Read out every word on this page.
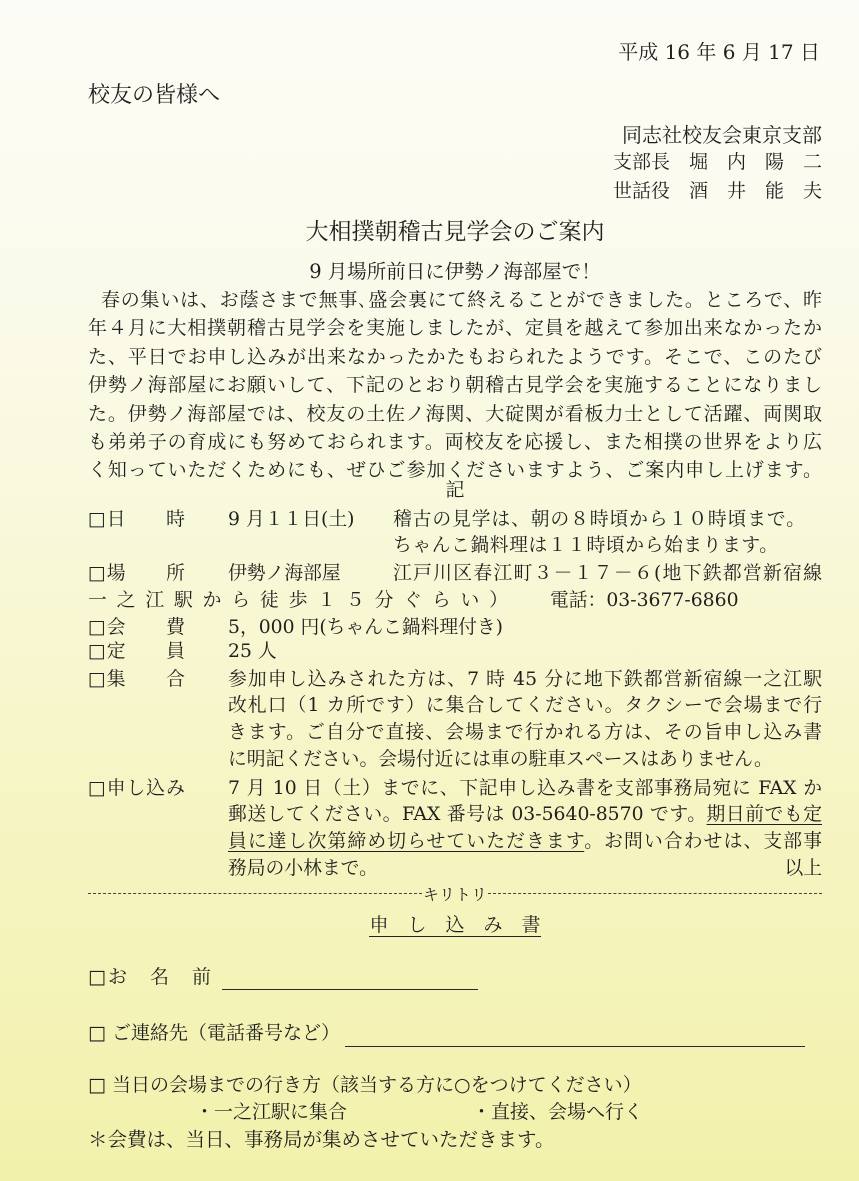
平成 16 年 6 月 17 日
校友の皆様へ
同志社校友会東京支部
支部長　堀　内　陽　二
世話役　酒　井　能　夫
大相撲朝稽古見学会のご案内
9 月場所前日に伊勢ノ海部屋で！
春の集いは、お蔭さまで無事､盛会裏にて終えることができました。ところで、昨
年４月に大相撲朝稽古見学会を実施しましたが、定員を越えて参加出来なかったか
た、平日でお申し込みが出来なかったかたもおられたようです。そこで、このたび
伊勢ノ海部屋にお願いして、下記のとおり朝稽古見学会を実施することになりまし
た。伊勢ノ海部屋では、校友の土佐ノ海関、大碇関が看板力士として活躍、両関取
も弟弟子の育成にも努めておられます。両校友を応援し、また相撲の世界をより広
く知っていただくためにも、ぜひご参加くださいますよう、ご案内申し上げます。
記
□日　　時 9 月１１日(土) 稽古の見学は、朝の８時頃から１０時頃まで。
ちゃんこ鍋料理は１１時頃から始まります。
□場　　所 伊勢ノ海部屋	江戸川区春江町３－１７－６(地下鉄都営新宿線
一之江駅から徒歩１５分ぐらい） 電話：03-3677-6860
□会　　費 5，000 円(ちゃんこ鍋料理付き)
□定　　員 25 人
□集　　合 参加申し込みされた方は、7 時 45 分に地下鉄都営新宿線一之江駅
改札口（1 カ所です）に集合してください。タクシーで会場まで行
きます。ご自分で直接、会場まで行かれる方は、その旨申し込み書
に明記ください。会場付近には車の駐車スペースはありません。
□申し込み 7 月 10 日（土）までに、下記申し込み書を支部事務局宛に FAX か
郵送してください。FAX 番号は 03-5640-8570 です。期日前でも定
員に達し次第締め切らせていただきます。お問い合わせは、支部事
務局の小林まで。	以上
キリトリ
申　し　込　み　書
□お　名　前
□ ご連絡先（電話番号など）
□ 当日の会場までの行き方（該当する方に○をつけてください）
・一之江駅に集合	・直接、会場へ行く
＊会費は、当日、事務局が集めさせていただきます。
